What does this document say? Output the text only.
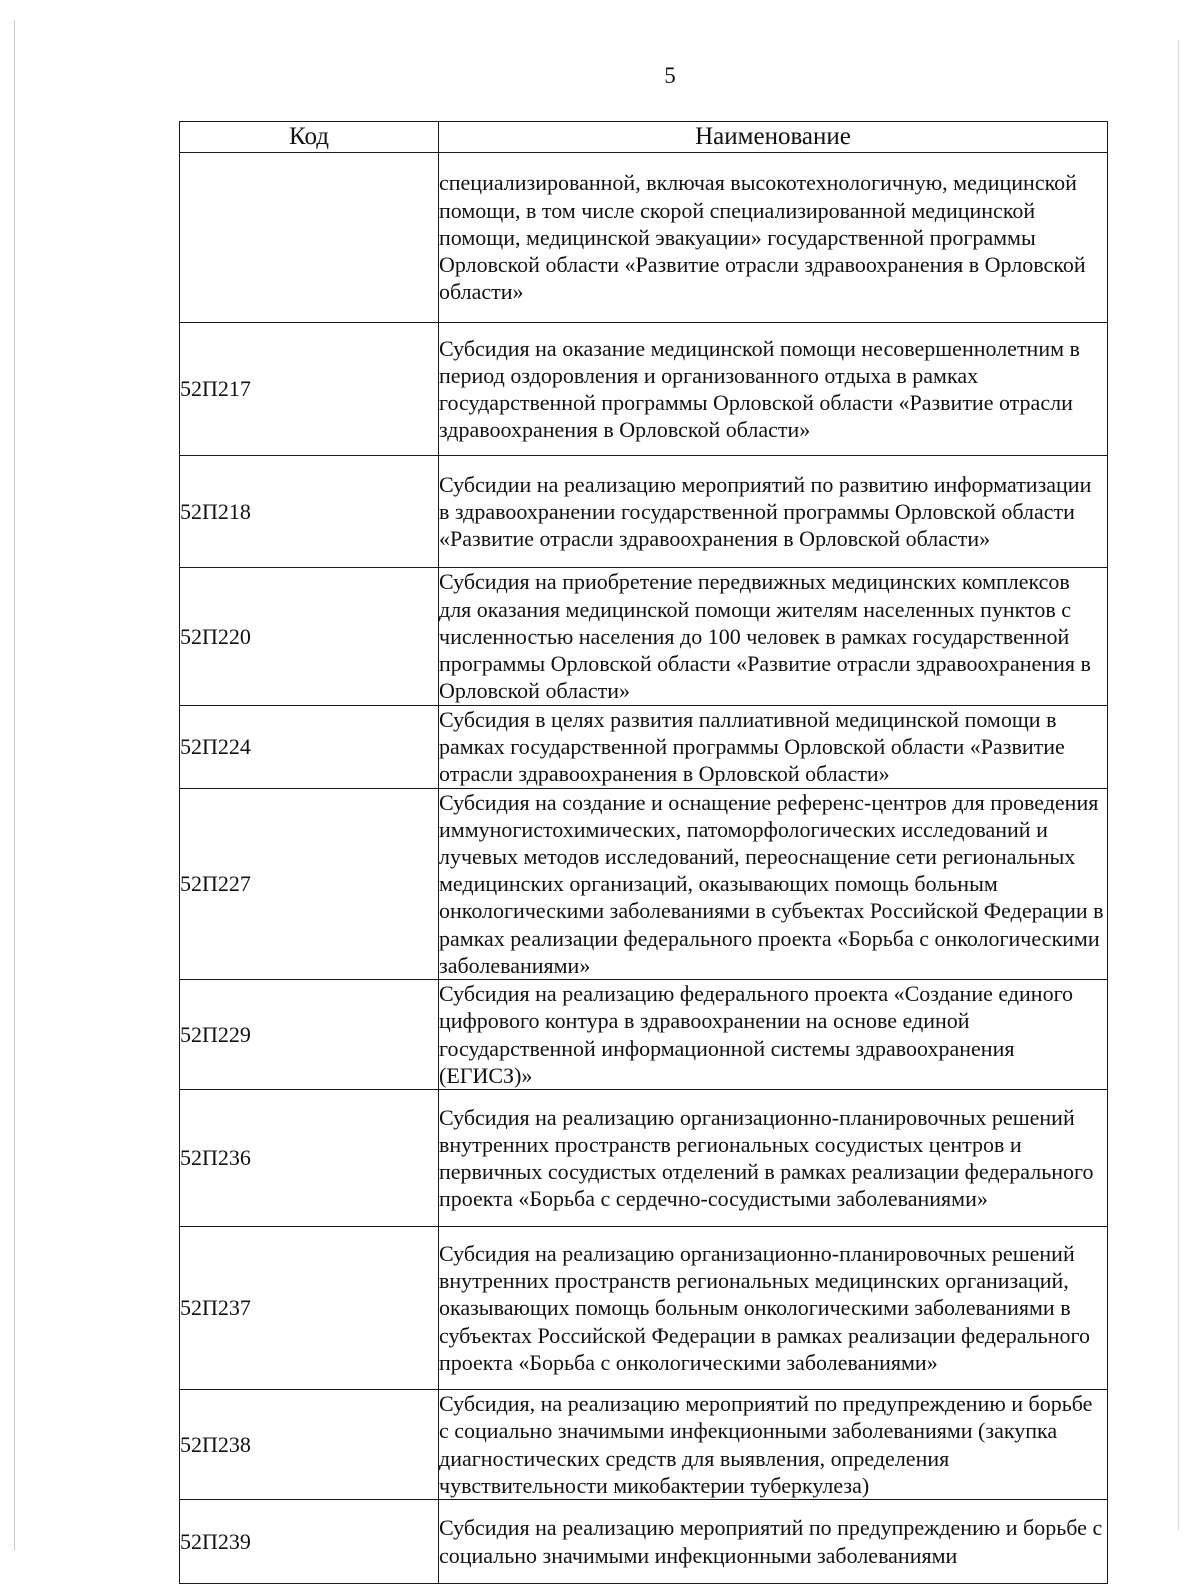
5
Код	Наименование
	специализированной, включая высокотехнологичную, медицинской помощи, в том числе скорой специализированной медицинской помощи, медицинской эвакуации» государственной программы Орловской области «Развитие отрасли здравоохранения в Орловской области»
52П217	Субсидия на оказание медицинской помощи несовершеннолетним в период оздоровления и организованного отдыха в рамках государственной программы Орловской области «Развитие отрасли здравоохранения в Орловской области»
52П218	Субсидии на реализацию мероприятий по развитию информатизации в здравоохранении государственной программы Орловской области «Развитие отрасли здравоохранения в Орловской области»
52П220	Субсидия на приобретение передвижных медицинских комплексов для оказания медицинской помощи жителям населенных пунктов с численностью населения до 100 человек в рамках государственной программы Орловской области «Развитие отрасли здравоохранения в Орловской области»
52П224	Субсидия в целях развития паллиативной медицинской помощи в рамках государственной программы Орловской области «Развитие отрасли здравоохранения в Орловской области»
52П227	Субсидия на создание и оснащение референс-центров для проведения иммуногистохимических, патоморфологических исследований и лучевых методов исследований, переоснащение сети региональных медицинских организаций, оказывающих помощь больным онкологическими заболеваниями в субъектах Российской Федерации в рамках реализации федерального проекта «Борьба с онкологическими заболеваниями»
52П229	Субсидия на реализацию федерального проекта «Создание единого цифрового контура в здравоохранении на основе единой государственной информационной системы здравоохранения (ЕГИСЗ)»
52П236	Субсидия на реализацию организационно-планировочных решений внутренних пространств региональных сосудистых центров и первичных сосудистых отделений в рамках реализации федерального проекта «Борьба с сердечно-сосудистыми заболеваниями»
52П237	Субсидия на реализацию организационно-планировочных решений внутренних пространств региональных медицинских организаций, оказывающих помощь больным онкологическими заболеваниями в субъектах Российской Федерации в рамках реализации федерального проекта «Борьба с онкологическими заболеваниями»
52П238	Субсидия, на реализацию мероприятий по предупреждению и борьбе с социально значимыми инфекционными заболеваниями (закупка диагностических средств для выявления, определения чувствительности микобактерии туберкулеза)
52П239	Субсидия на реализацию мероприятий по предупреждению и борьбе с социально значимыми инфекционными заболеваниями
